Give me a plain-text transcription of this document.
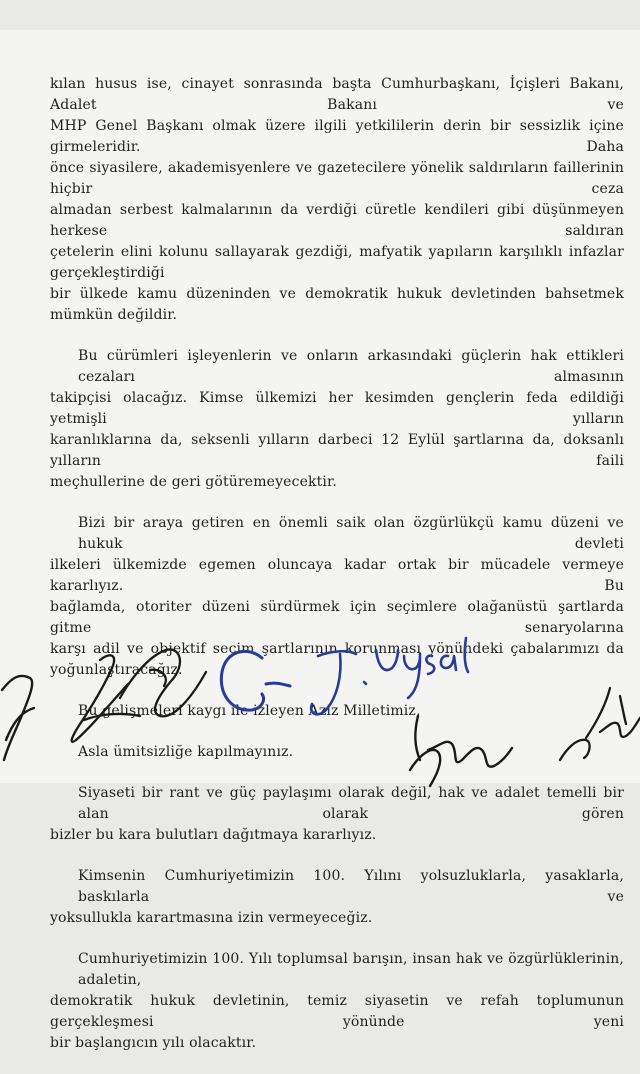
kılan husus ise, cinayet sonrasında başta Cumhurbaşkanı, İçişleri Bakanı, Adalet Bakanı ve
MHP Genel Başkanı olmak üzere ilgili yetkililerin derin bir sessizlik içine girmeleridir. Daha
önce siyasilere, akademisyenlere ve gazetecilere yönelik saldırıların faillerinin hiçbir ceza
almadan serbest kalmalarının da verdiği cüretle kendileri gibi düşünmeyen herkese saldıran
çetelerin elini kolunu sallayarak gezdiği, mafyatik yapıların karşılıklı infazlar gerçekleştirdiği
bir ülkede kamu düzeninden ve demokratik hukuk devletinden bahsetmek mümkün değildir.

Bu cürümleri işleyenlerin ve onların arkasındaki güçlerin hak ettikleri cezaları almasının
takipçisi olacağız. Kimse ülkemizi her kesimden gençlerin feda edildiği yetmişli yılların
karanlıklarına da, seksenli yılların darbeci 12 Eylül şartlarına da, doksanlı yılların faili
meçhullerine de geri götüremeyecektir.

Bizi bir araya getiren en önemli saik olan özgürlükçü kamu düzeni ve hukuk devleti
ilkeleri ülkemizde egemen oluncaya kadar ortak bir mücadele vermeye kararlıyız. Bu
bağlamda, otoriter düzeni sürdürmek için seçimlere olağanüstü şartlarda gitme senaryolarına
karşı adil ve objektif seçim şartlarının korunması yönündeki çabalarımızı da yoğunlaştıracağız.

Bu gelişmeleri kaygı ile izleyen Aziz Milletimiz,

Asla ümitsizliğe kapılmayınız.

Siyaseti bir rant ve güç paylaşımı olarak değil, hak ve adalet temelli bir alan olarak gören
bizler bu kara bulutları dağıtmaya kararlıyız.

Kimsenin Cumhuriyetimizin 100. Yılını yolsuzluklarla, yasaklarla, baskılarla ve
yoksullukla karartmasına izin vermeyeceğiz.

Cumhuriyetimizin 100. Yılı toplumsal barışın, insan hak ve özgürlüklerinin, adaletin,
demokratik hukuk devletinin, temiz siyasetin ve refah toplumunun gerçekleşmesi yönünde yeni
bir başlangıcın yılı olacaktır.
